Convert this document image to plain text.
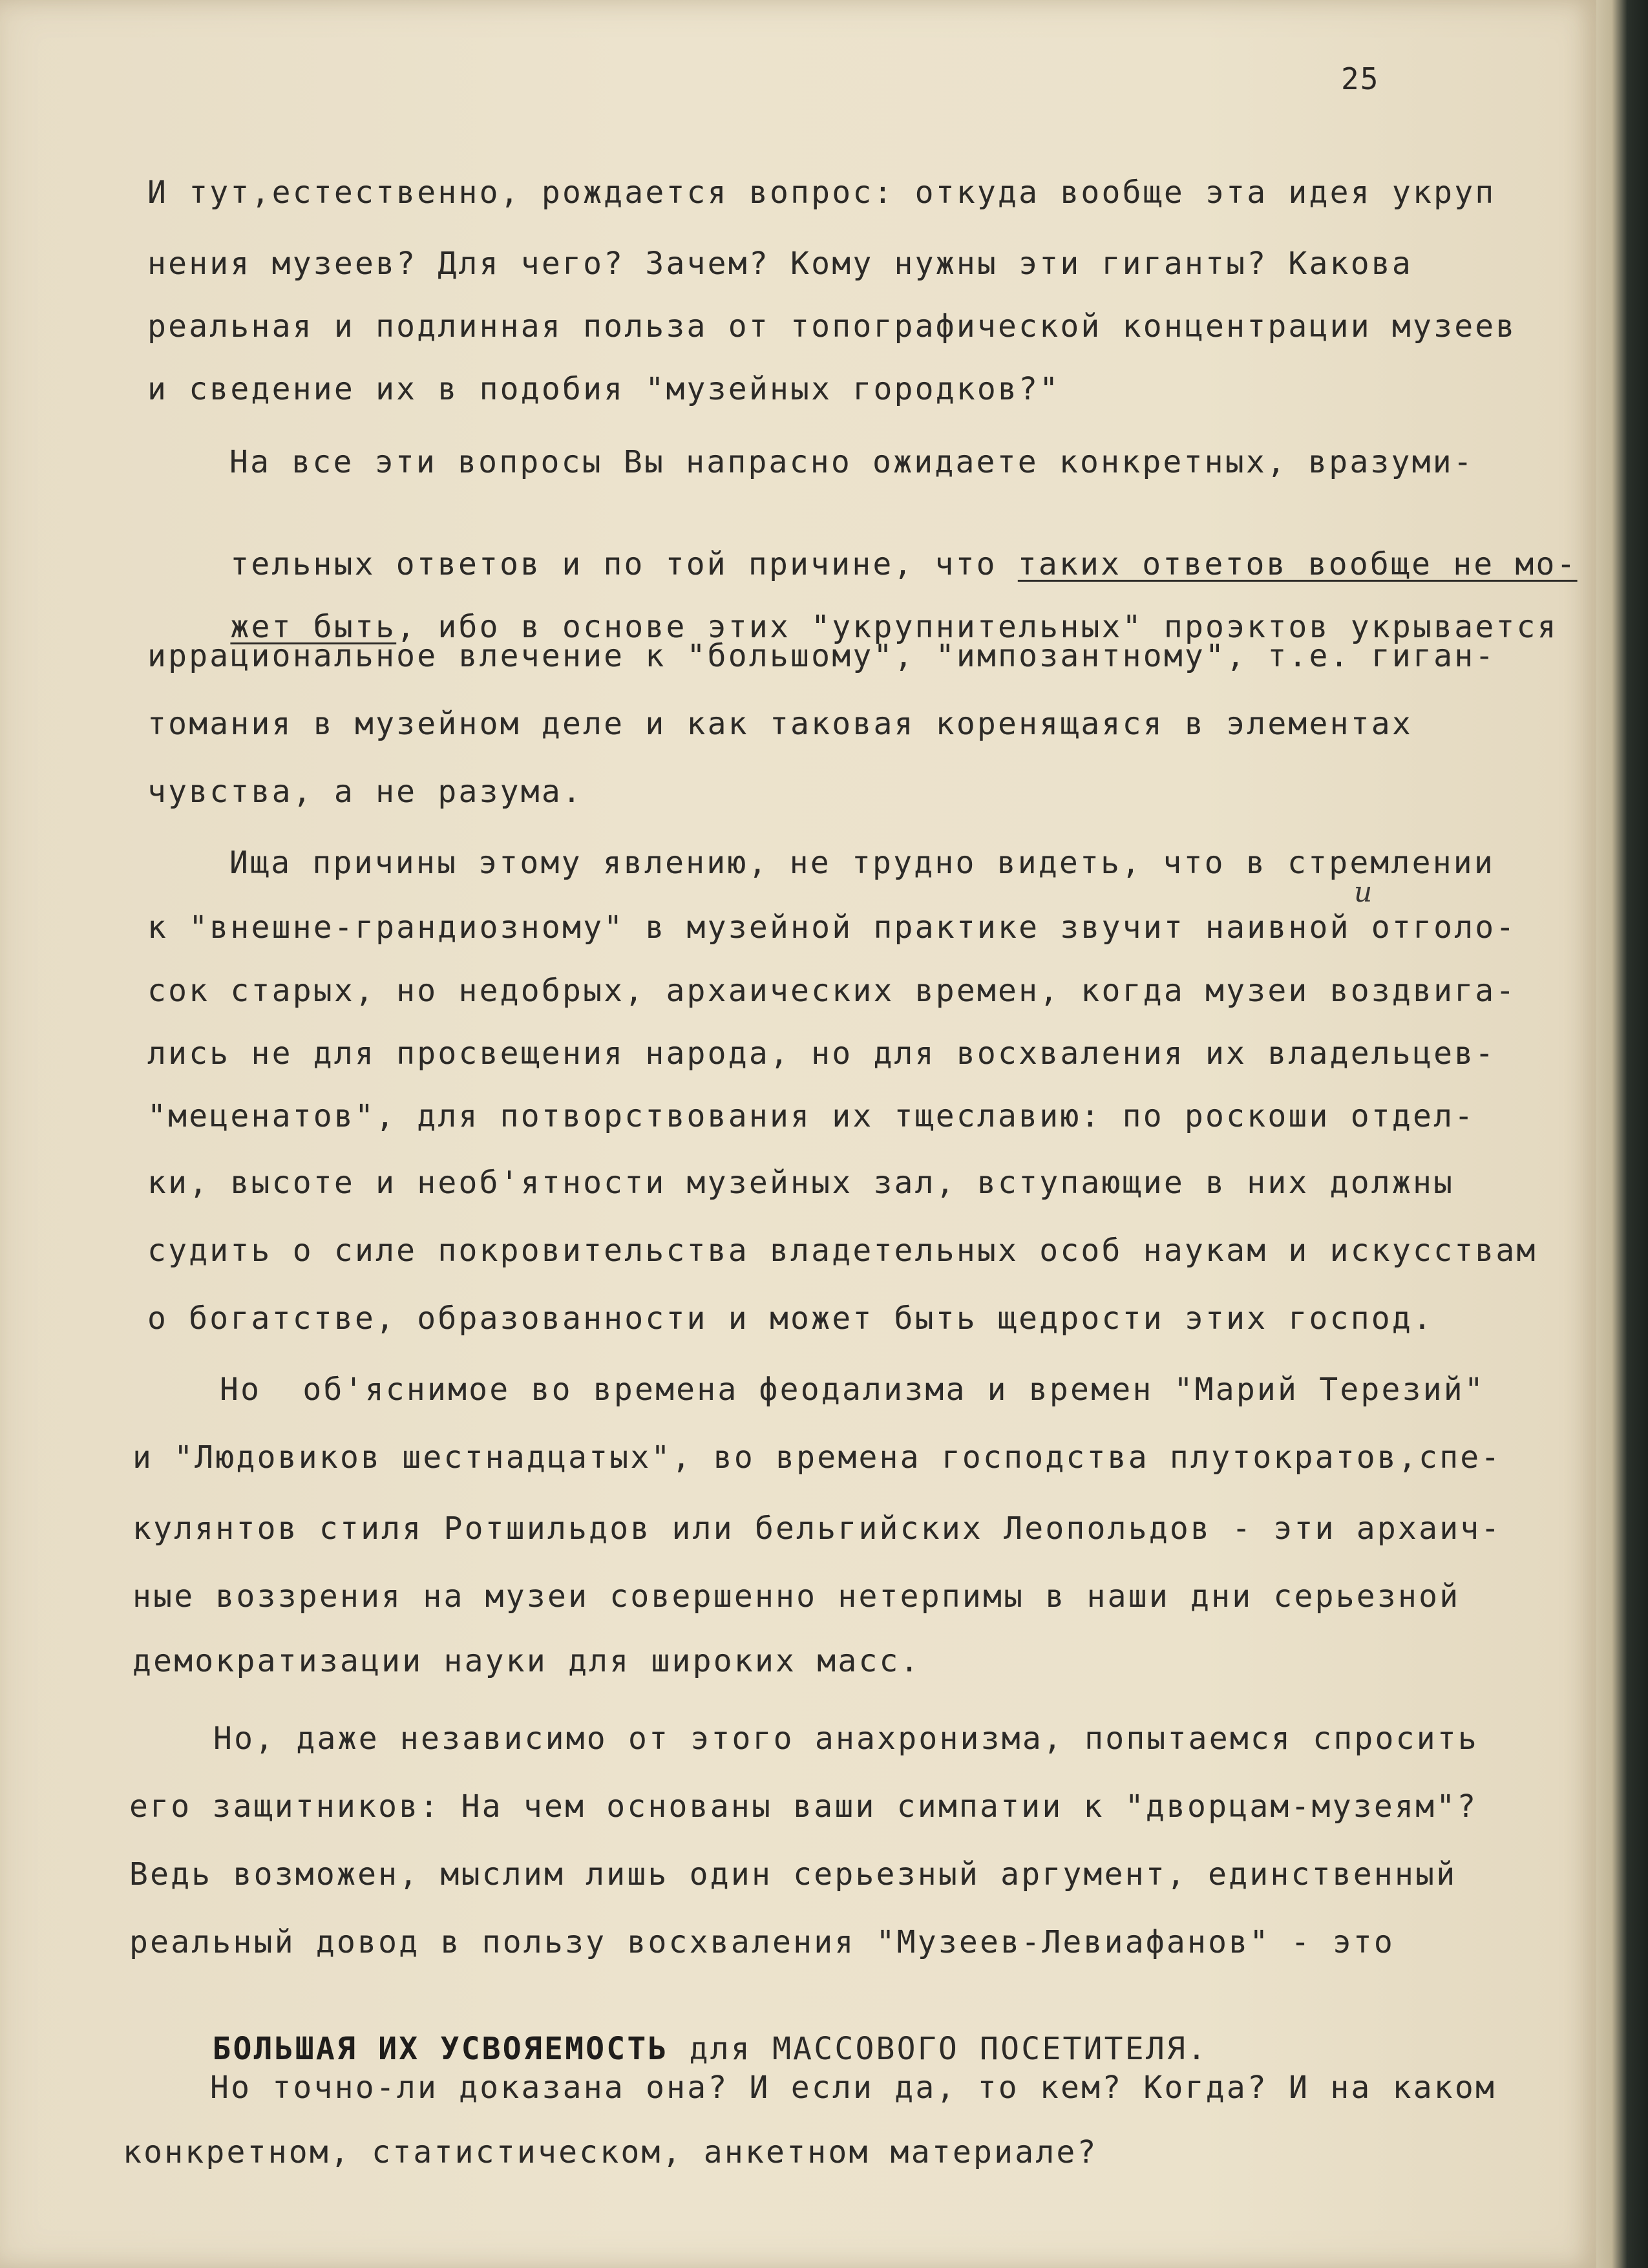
25
И тут,естественно, рождается вопрос: откуда вообще эта идея укруп
нения музеев? Для чего? Зачем? Кому нужны эти гиганты? Какова
реальная и подлинная польза от топографической концентрации музеев
и сведение их в подобия "музейных городков?"
На все эти вопросы Вы напрасно ожидаете конкретных, вразуми-

тельных ответов и по той причине, что таких ответов вообще не мо-

жет быть, ибо в основе этих "укрупнительных" проэктов укрывается

иррациональное влечение к "большому", "импозантному", т.е. гиган-
томания в музейном деле и как таковая коренящаяся в элементах
чувства, а не разума.
Ища причины этому явлению, не трудно видеть, что в стремлении
к "внешне-грандиозному" в музейной практике звучит наивной отголо-
и
сок старых, но недобрых, архаических времен, когда музеи воздвига-
лись не для просвещения народа, но для восхваления их владельцев-
"меценатов", для потворствования их тщеславию: по роскоши отдел-
ки, высоте и необ'ятности музейных зал, вступающие в них должны
судить о силе покровительства владетельных особ наукам и искусствам
о богатстве, образованности и может быть щедрости этих господ.
Но  об'яснимое во времена феодализма и времен "Марий Терезий"
и "Людовиков шестнадцатых", во времена господства плутократов,спе-
кулянтов стиля Ротшильдов или бельгийских Леопольдов - эти архаич-
ные воззрения на музеи совершенно нетерпимы в наши дни серьезной
демократизации науки для широких масс.
Но, даже независимо от этого анахронизма, попытаемся спросить
его защитников: На чем основаны ваши симпатии к "дворцам-музеям"?
Ведь возможен, мыслим лишь один серьезный аргумент, единственный
реальный довод в пользу восхваления "Музеев-Левиафанов" - это

БОЛЬШАЯ ИХ УСВОЯЕМОСТЬ для МАССОВОГО ПОСЕТИТЕЛЯ.

Но точно-ли доказана она? И если да, то кем? Когда? И на каком
конкретном, статистическом, анкетном материале?
